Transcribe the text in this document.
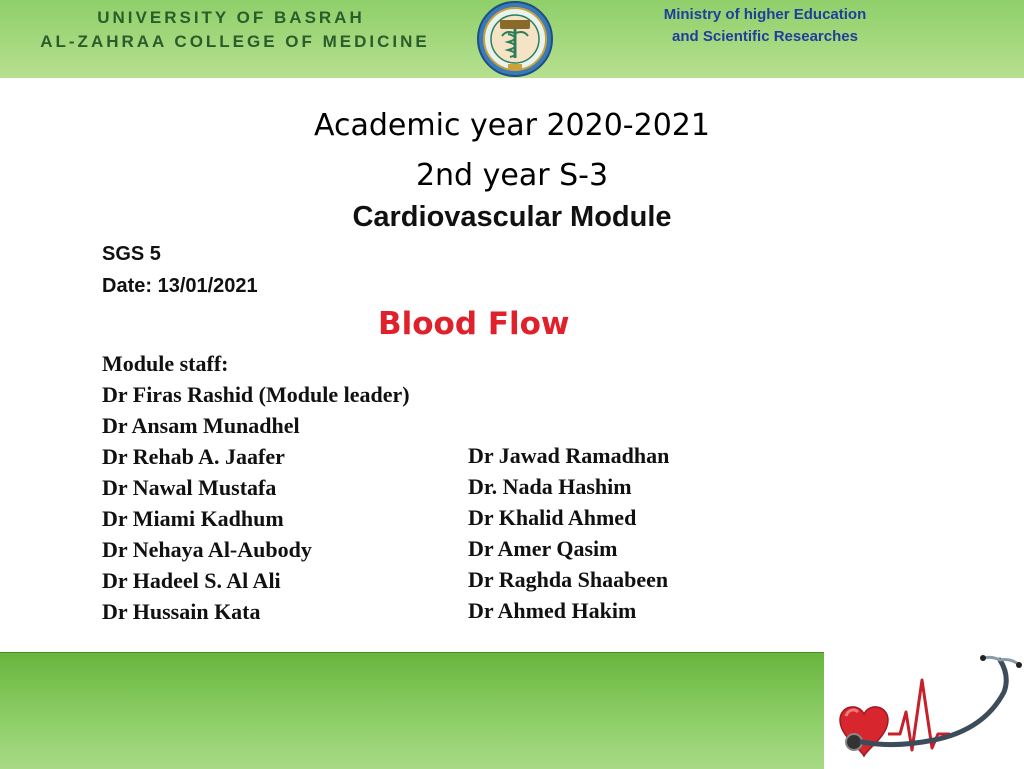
UNIVERSITY OF BASRAH
AL-ZAHRAA COLLEGE OF MEDICINE
Ministry of higher Education
and Scientific Researches
Academic year 2020-2021
2nd year S-3
Cardiovascular Module
SGS 5
Date: 13/01/2021
Blood Flow
Module staff:
Dr Firas Rashid (Module leader)
Dr Ansam Munadhel
Dr Rehab A. Jaafer
Dr Nawal Mustafa
Dr Miami Kadhum
Dr Nehaya Al-Aubody
Dr Hadeel S. Al Ali
Dr Hussain Kata
Dr Jawad Ramadhan
Dr. Nada Hashim
Dr Khalid Ahmed
Dr Amer Qasim
Dr Raghda Shaabeen
Dr Ahmed Hakim
